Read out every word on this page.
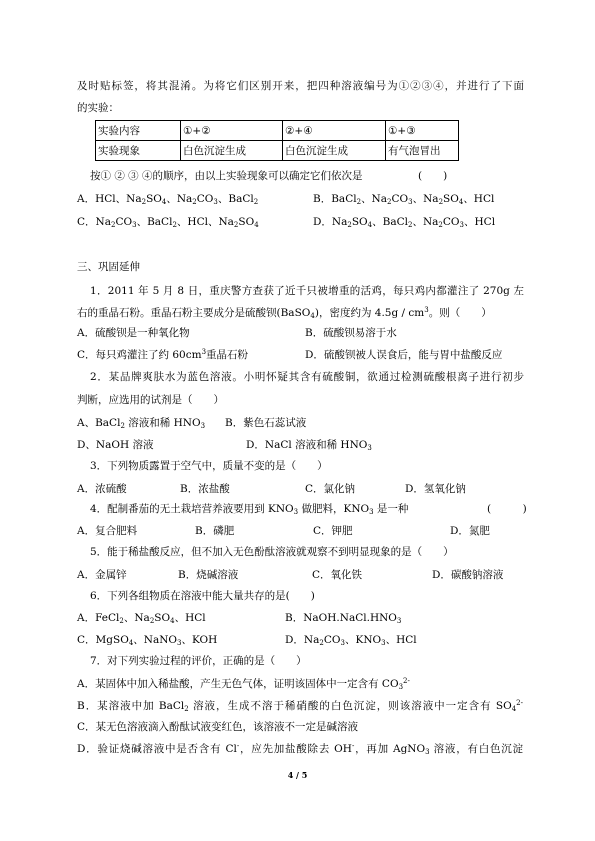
及时贴标签，将其混淆。为将它们区别开来，把四种溶液编号为①②③④，并进行了下面
的实验：
实验内容	①+②	②+④	①+③
实验现象	白色沉淀生成	白色沉淀生成	有气泡冒出
按① ② ③ ④的顺序，由以上实验现象可以确定它们依次是	(　　)
A．HCl、$Na_2SO_4$、$Na_2CO_3$、BaCl$_2$	B．BaCl$_2$、$Na_2CO_3$、$Na_2SO_4$、HCl
C．$Na_2CO_3$、BaCl$_2$、HCl、$Na_2SO_4$	D．$Na_2SO_4$、BaCl$_2$、$Na_2CO_3$、HCl
三、巩固延伸
1．2011 年 5 月 8 日，重庆警方查获了近千只被增重的活鸡，每只鸡内都灌注了 270g 左
右的重晶石粉。重晶石粉主要成分是硫酸钡(BaSO$_4$)，密度约为 $4.5g / cm^3$。则（　　）
A．硫酸钡是一种氧化物	B．硫酸钡易溶于水
C．每只鸡灌注了约 $60cm^3$重晶石粉	D．硫酸钡被人误食后，能与胃中盐酸反应
2．某品牌爽肤水为蓝色溶液。小明怀疑其含有硫酸铜，欲通过检测硫酸根离子进行初步
判断，应选用的试剂是（　　）
A、BaCl$_2$ 溶液和稀 $HNO_3$ B．紫色石蕊试液
D、NaOH 溶液	D．NaCl 溶液和稀 $HNO_3$
3．下列物质露置于空气中，质量不变的是（　　）
A．浓硫酸	B．浓盐酸	C．氯化钠	D．氢氧化钠
4．配制番茄的无土栽培营养液要用到 $KNO_3$ 做肥料，$KNO_3$ 是一种	(　　　)
A．复合肥料	B．磷肥	C．钾肥	D．氮肥
5．能于稀盐酸反应，但不加入无色酚酞溶液就观察不到明显现象的是（　　）
A．金属锌	B．烧碱溶液	C．氧化铁	D．碳酸钠溶液
6．下列各组物质在溶液中能大量共存的是(　　)
A．FeCl$_2$、$Na_2SO_4$、HCl	B．$NaOH.NaCl.HNO_3$
C．MgSO$_4$、NaNO$_3$、KOH	D．$Na_2CO_3$、$KNO_3$、HCl
7．对下列实验过程的评价，正确的是（　　）
A．某固体中加入稀盐酸，产生无色气体，证明该固体中一定含有 $CO_3^{2-}$
B．某溶液中加 BaCl$_2$ 溶液，生成不溶于稀硝酸的白色沉淀，则该溶液中一定含有 $SO_4^{2-}$
C．某无色溶液滴入酚酞试液变红色，该溶液不一定是碱溶液
D．验证烧碱溶液中是否含有 Cl-，应先加盐酸除去 OH-，再加 AgNO$_3$ 溶液，有白色沉淀
4 / 5
